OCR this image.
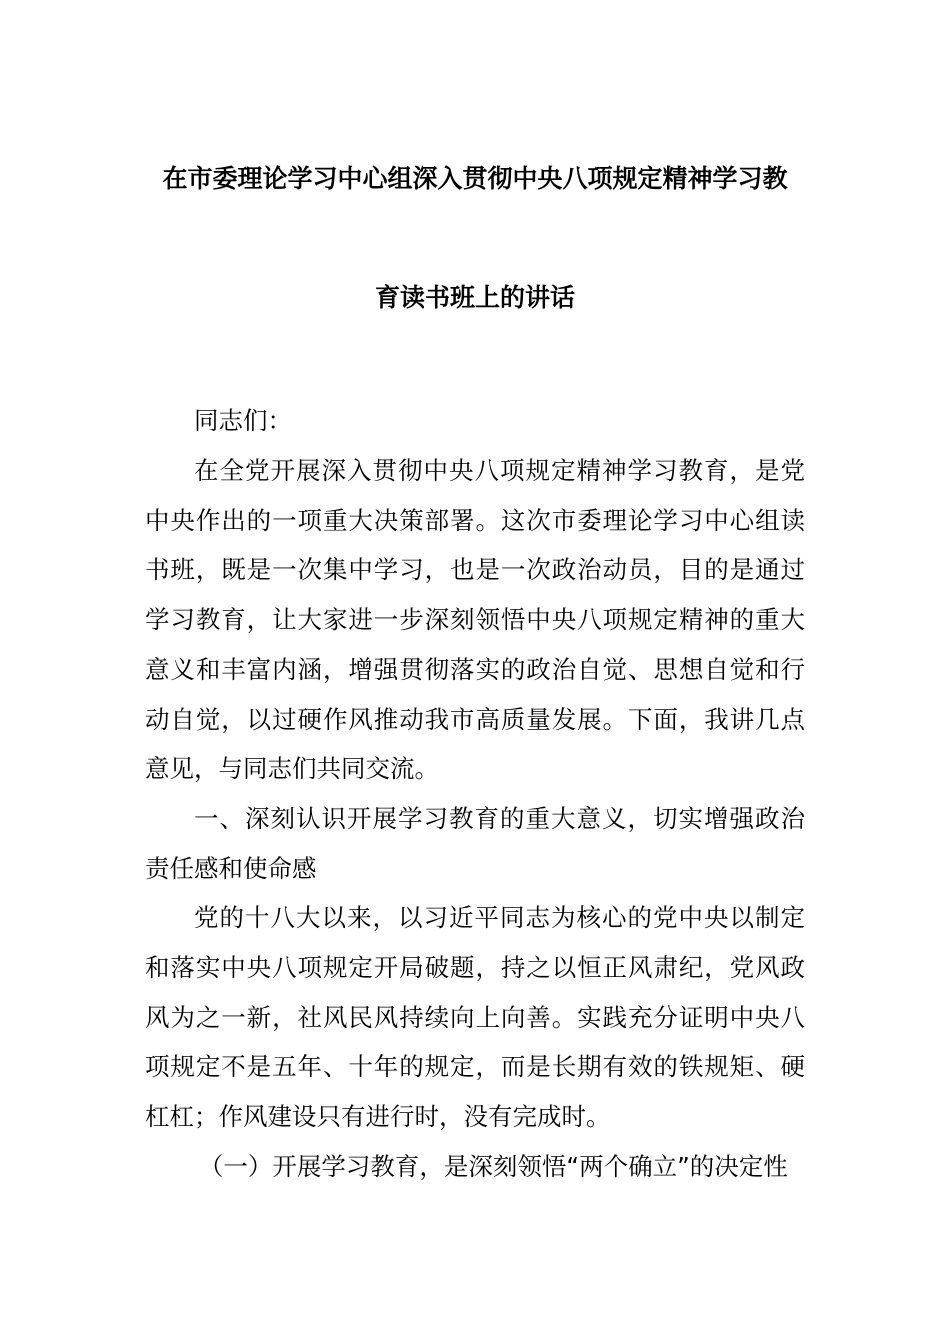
在市委理论学习中心组深入贯彻中央八项规定精神学习教
育读书班上的讲话

同志们：

在全党开展深入贯彻中央八项规定精神学习教育，是党中央作出的一项重大决策部署。这次市委理论学习中心组读书班，既是一次集中学习，也是一次政治动员，目的是通过学习教育，让大家进一步深刻领悟中央八项规定精神的重大意义和丰富内涵，增强贯彻落实的政治自觉、思想自觉和行动自觉，以过硬作风推动我市高质量发展。下面，我讲几点意见，与同志们共同交流。

一、深刻认识开展学习教育的重大意义，切实增强政治责任感和使命感

党的十八大以来，以习近平同志为核心的党中央以制定和落实中央八项规定开局破题，持之以恒正风肃纪，党风政风为之一新，社风民风持续向上向善。实践充分证明中央八项规定不是五年、十年的规定，而是长期有效的铁规矩、硬杠杠；作风建设只有进行时，没有完成时。

（一）开展学习教育，是深刻领悟“两个确立”的决定性
